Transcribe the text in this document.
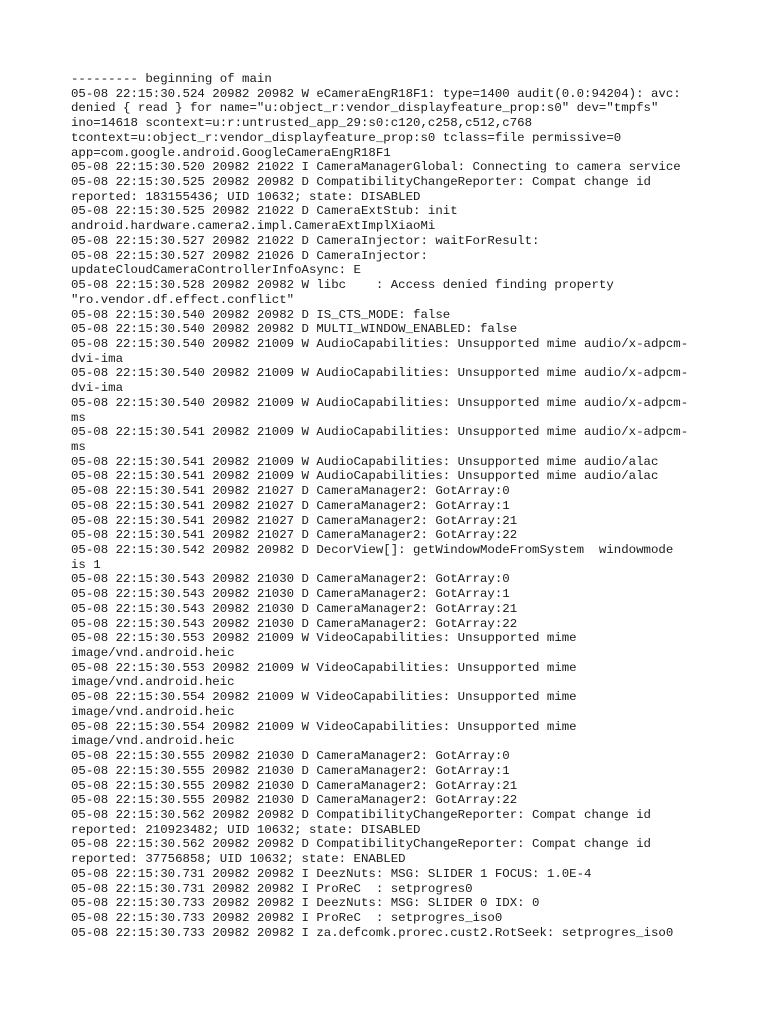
--------- beginning of main
05-08 22:15:30.524 20982 20982 W eCameraEngR18F1: type=1400 audit(0.0:94204): avc:
denied { read } for name="u:object_r:vendor_displayfeature_prop:s0" dev="tmpfs"
ino=14618 scontext=u:r:untrusted_app_29:s0:c120,c258,c512,c768
tcontext=u:object_r:vendor_displayfeature_prop:s0 tclass=file permissive=0
app=com.google.android.GoogleCameraEngR18F1
05-08 22:15:30.520 20982 21022 I CameraManagerGlobal: Connecting to camera service
05-08 22:15:30.525 20982 20982 D CompatibilityChangeReporter: Compat change id
reported: 183155436; UID 10632; state: DISABLED
05-08 22:15:30.525 20982 21022 D CameraExtStub: init
android.hardware.camera2.impl.CameraExtImplXiaoMi
05-08 22:15:30.527 20982 21022 D CameraInjector: waitForResult:
05-08 22:15:30.527 20982 21026 D CameraInjector:
updateCloudCameraControllerInfoAsync: E
05-08 22:15:30.528 20982 20982 W libc    : Access denied finding property
"ro.vendor.df.effect.conflict"
05-08 22:15:30.540 20982 20982 D IS_CTS_MODE: false
05-08 22:15:30.540 20982 20982 D MULTI_WINDOW_ENABLED: false
05-08 22:15:30.540 20982 21009 W AudioCapabilities: Unsupported mime audio/x-adpcm-
dvi-ima
05-08 22:15:30.540 20982 21009 W AudioCapabilities: Unsupported mime audio/x-adpcm-
dvi-ima
05-08 22:15:30.540 20982 21009 W AudioCapabilities: Unsupported mime audio/x-adpcm-
ms
05-08 22:15:30.541 20982 21009 W AudioCapabilities: Unsupported mime audio/x-adpcm-
ms
05-08 22:15:30.541 20982 21009 W AudioCapabilities: Unsupported mime audio/alac
05-08 22:15:30.541 20982 21009 W AudioCapabilities: Unsupported mime audio/alac
05-08 22:15:30.541 20982 21027 D CameraManager2: GotArray:0
05-08 22:15:30.541 20982 21027 D CameraManager2: GotArray:1
05-08 22:15:30.541 20982 21027 D CameraManager2: GotArray:21
05-08 22:15:30.541 20982 21027 D CameraManager2: GotArray:22
05-08 22:15:30.542 20982 20982 D DecorView[]: getWindowModeFromSystem  windowmode
is 1
05-08 22:15:30.543 20982 21030 D CameraManager2: GotArray:0
05-08 22:15:30.543 20982 21030 D CameraManager2: GotArray:1
05-08 22:15:30.543 20982 21030 D CameraManager2: GotArray:21
05-08 22:15:30.543 20982 21030 D CameraManager2: GotArray:22
05-08 22:15:30.553 20982 21009 W VideoCapabilities: Unsupported mime
image/vnd.android.heic
05-08 22:15:30.553 20982 21009 W VideoCapabilities: Unsupported mime
image/vnd.android.heic
05-08 22:15:30.554 20982 21009 W VideoCapabilities: Unsupported mime
image/vnd.android.heic
05-08 22:15:30.554 20982 21009 W VideoCapabilities: Unsupported mime
image/vnd.android.heic
05-08 22:15:30.555 20982 21030 D CameraManager2: GotArray:0
05-08 22:15:30.555 20982 21030 D CameraManager2: GotArray:1
05-08 22:15:30.555 20982 21030 D CameraManager2: GotArray:21
05-08 22:15:30.555 20982 21030 D CameraManager2: GotArray:22
05-08 22:15:30.562 20982 20982 D CompatibilityChangeReporter: Compat change id
reported: 210923482; UID 10632; state: DISABLED
05-08 22:15:30.562 20982 20982 D CompatibilityChangeReporter: Compat change id
reported: 37756858; UID 10632; state: ENABLED
05-08 22:15:30.731 20982 20982 I DeezNuts: MSG: SLIDER 1 FOCUS: 1.0E-4
05-08 22:15:30.731 20982 20982 I ProReC  : setprogres0
05-08 22:15:30.733 20982 20982 I DeezNuts: MSG: SLIDER 0 IDX: 0
05-08 22:15:30.733 20982 20982 I ProReC  : setprogres_iso0
05-08 22:15:30.733 20982 20982 I za.defcomk.prorec.cust2.RotSeek: setprogres_iso0
